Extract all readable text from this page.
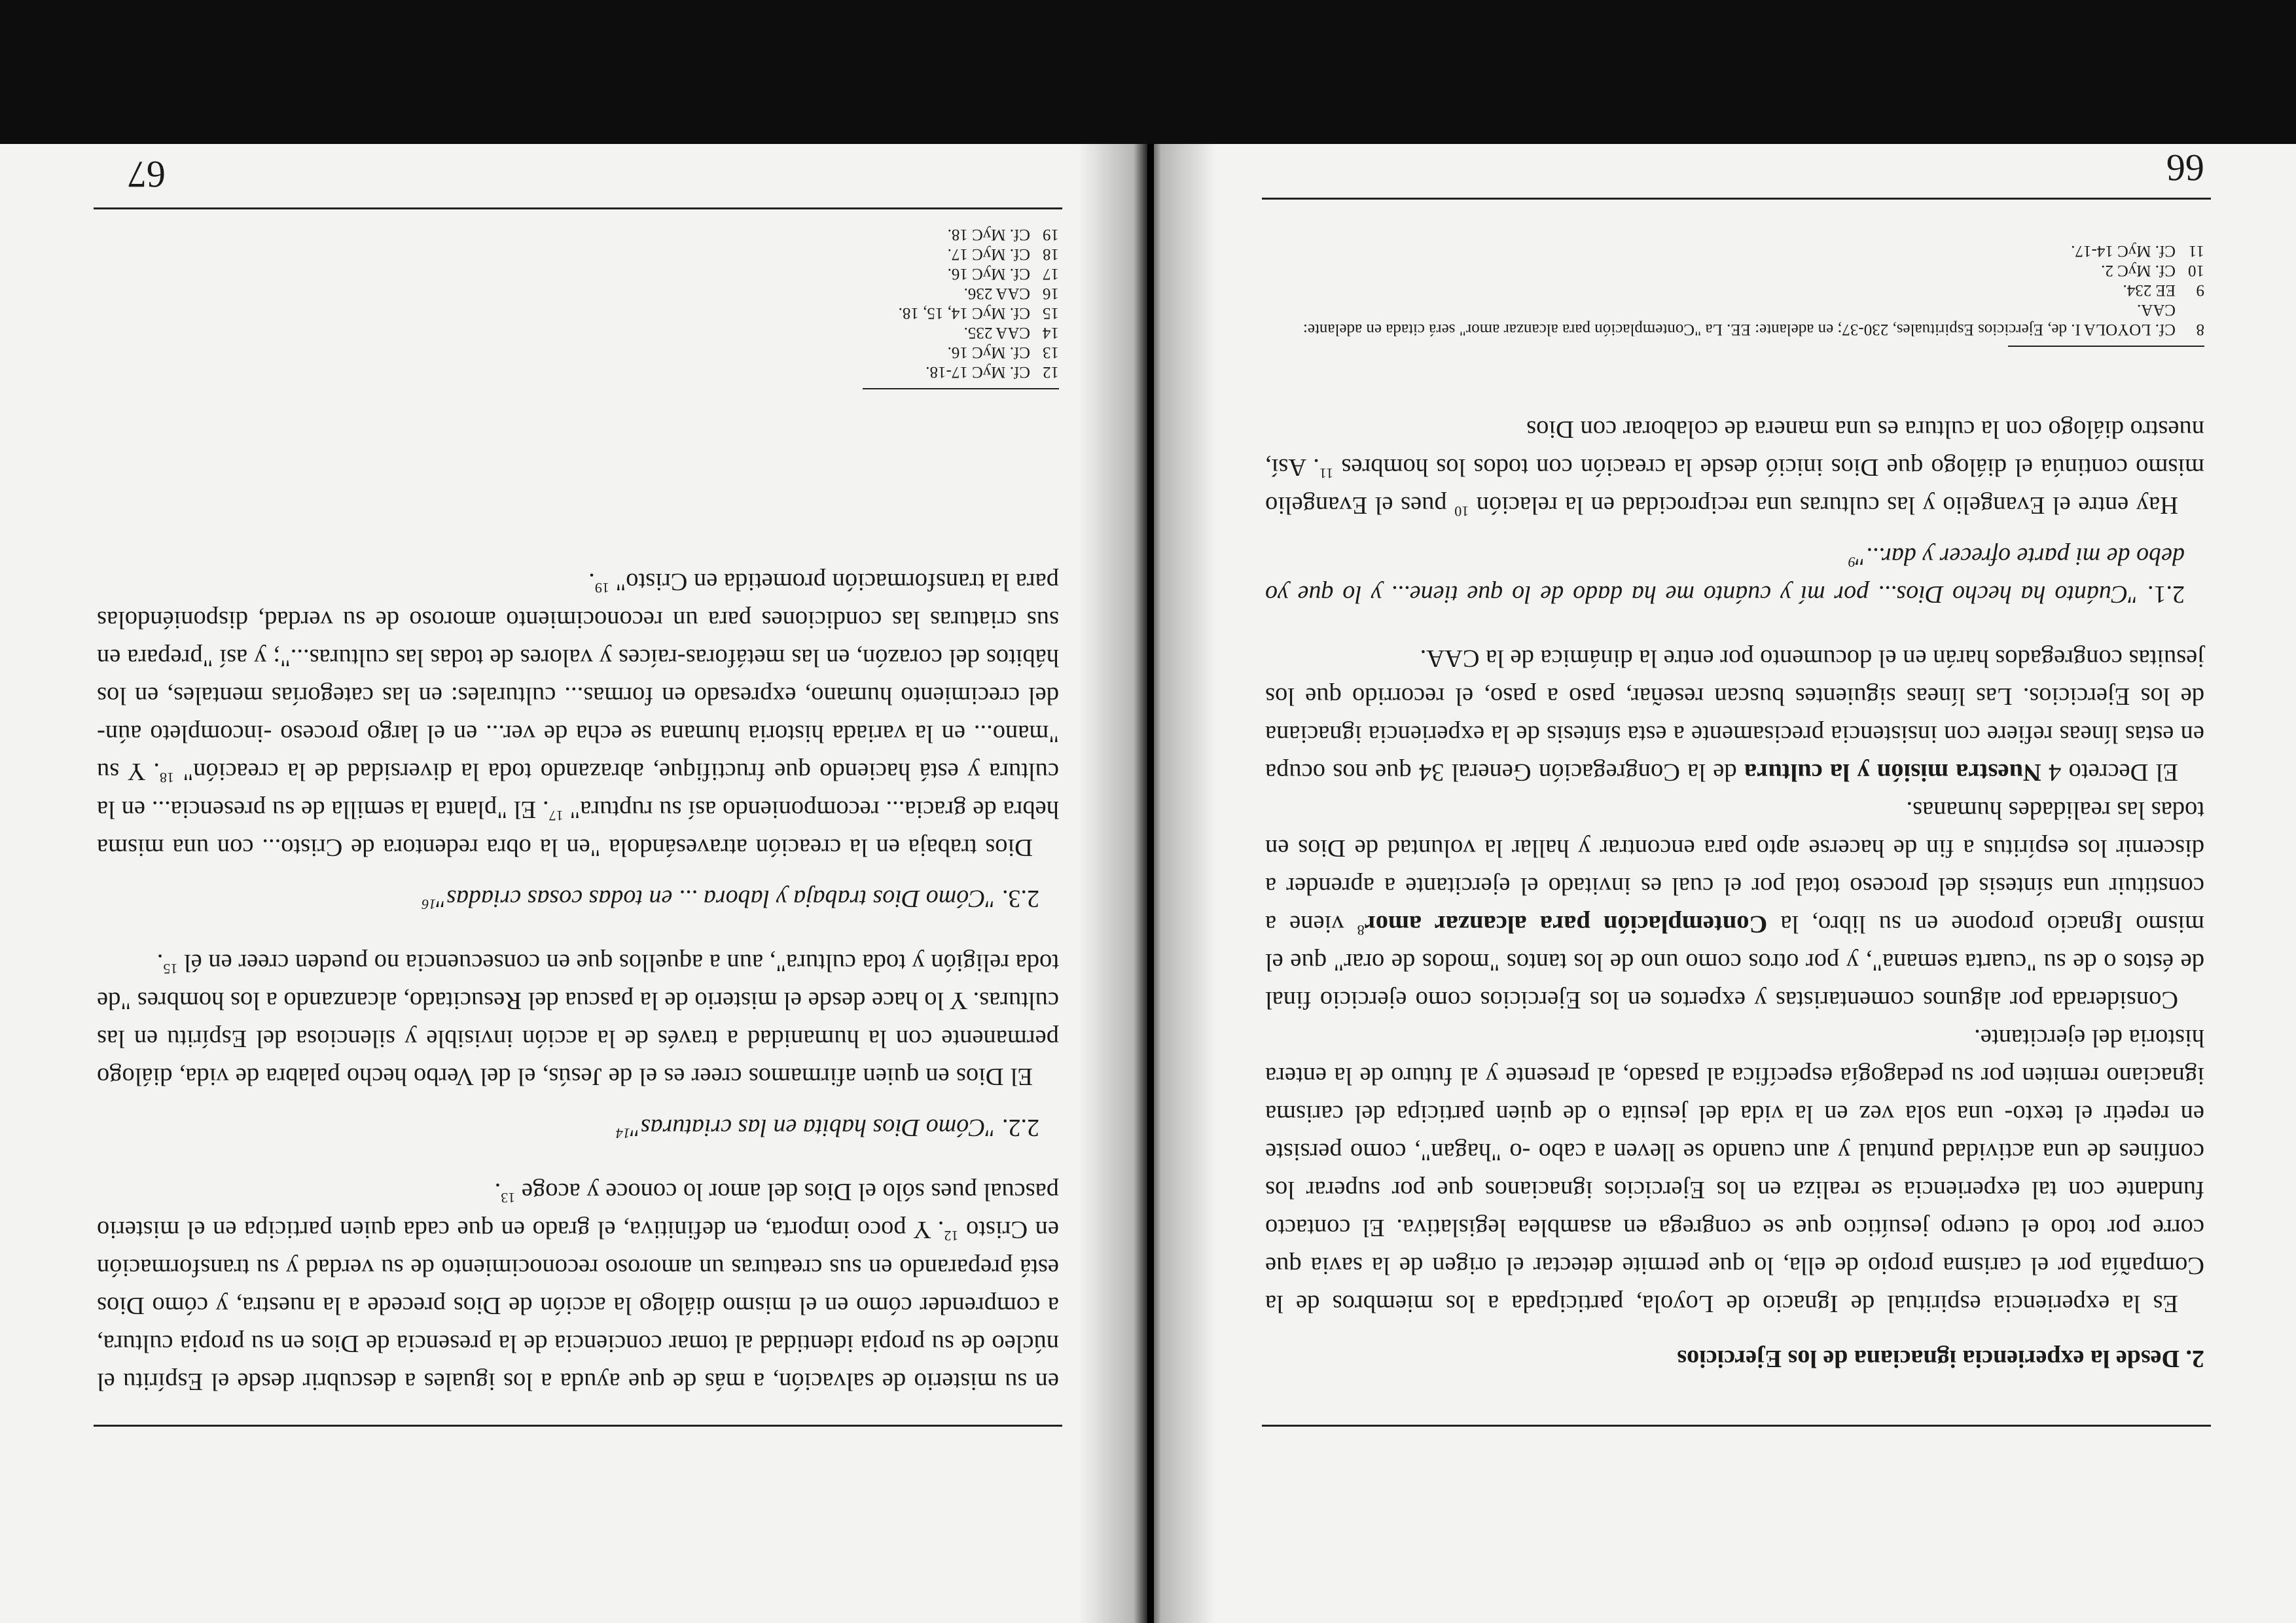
2. Desde la experiencia ignaciana de los Ejercicios

Es la experiencia espiritual de Ignacio de Loyola, participada a los miembros de la Compañía por el carisma propio de ella, lo que permite detectar el origen de la savia que corre por todo el cuerpo jesuítico que se congrega en asamblea legislativa. El contacto fundante con tal experiencia se realiza en los Ejercicios ignacianos que por superar los confines de una actividad puntual y aun cuando se lleven a cabo -o "hagan", como persiste en repetir el texto- una sola vez en la vida del jesuita o de quien participa del carisma ignaciano remiten por su pedagogía específica al pasado, al presente y al futuro de la entera historia del ejercitante.

Considerada por algunos comentaristas y expertos en los Ejercicios como ejercicio final de éstos o de su "cuarta semana", y por otros como uno de los tantos "modos de orar" que el mismo Ignacio propone en su libro, la Contemplación para alcanzar amor$^8$ viene a constituir una síntesis del proceso total por el cual es invitado el ejercitante a aprender a discernir los espíritus a fin de hacerse apto para encontrar y hallar la voluntad de Dios en todas las realidades humanas.

El Decreto 4 Nuestra misión y la cultura de la Congregación General 34 que nos ocupa en estas líneas refiere con insistencia precisamente a esta síntesis de la experiencia ignaciana de los Ejercicios. Las líneas siguientes buscan reseñar, paso a paso, el recorrido que los jesuitas congregados harán en el documento por entre la dinámica de la CAA.

2.1. "Cuánto ha hecho Dios... por mí y cuánto me ha dado de lo que tiene... y lo que yo debo de mi parte ofrecer y dar..."$^9$

Hay entre el Evangelio y las culturas una reciprocidad en la relación $^{10}$ pues el Evangelio mismo continúa el diálogo que Dios inició desde la creación con todos los hombres $^{11}$. Así, nuestro diálogo con la cultura es una manera de colaborar con Dios

8
Cf. LOYOLA I. de, Ejercicios Espirituales, 230-37; en adelante: EE. La "Contemplación para alcanzar amor" será citada en adelante: CAA.
9
EE 234.
10
Cf. MyC 2.
11
Cf. MyC 14-17.
66

en su misterio de salvación, a más de que ayuda a los iguales a descubrir desde el Espíritu el núcleo de su propia identidad al tomar conciencia de la presencia de Dios en su propia cultura, a comprender cómo en el mismo diálogo la acción de Dios precede a la nuestra, y cómo Dios está preparando en sus creaturas un amoroso reconocimiento de su verdad y su transformación en Cristo $^{12}$. Y poco importa, en definitiva, el grado en que cada quien participa en el misterio pascual pues sólo el Dios del amor lo conoce y acoge $^{13}$.

2.2. "Cómo Dios habita en las criaturas"$^{14}$

El Dios en quien afirmamos creer es el de Jesús, el del Verbo hecho palabra de vida, diálogo permanente con la humanidad a través de la acción invisible y silenciosa del Espíritu en las culturas. Y lo hace desde el misterio de la pascua del Resucitado, alcanzando a los hombres "de toda religión y toda cultura", aun a aquellos que en consecuencia no pueden creer en él $^{15}$.

2.3. "Cómo Dios trabaja y labora ... en todas cosas criadas"$^{16}$

Dios trabaja en la creación atravesándola "en la obra redentora de Cristo... con una misma hebra de gracia... recomponiendo así su ruptura" $^{17}$. El "planta la semilla de su presencia... en la cultura y está haciendo que fructifique, abrazando toda la diversidad de la creación" $^{18}$. Y su "mano... en la variada historia humana se echa de ver... en el largo proceso -incompleto aún- del crecimiento humano, expresado en formas... culturales: en las categorías mentales, en los hábitos del corazón, en las metáforas-raíces y valores de todas las culturas..."; y así "prepara en sus criaturas las condiciones para un reconocimiento amoroso de su verdad, disponiéndolas para la transformación prometida en Cristo" $^{19}$.

12
Cf. MyC 17-18.
13
Cf. MyC 16.
14
CAA 235.
15
Cf. MyC 14, 15, 18.
16
CAA 236.
17
Cf. MyC 16.
18
Cf. MyC 17.
19
Cf. MyC 18.
67
